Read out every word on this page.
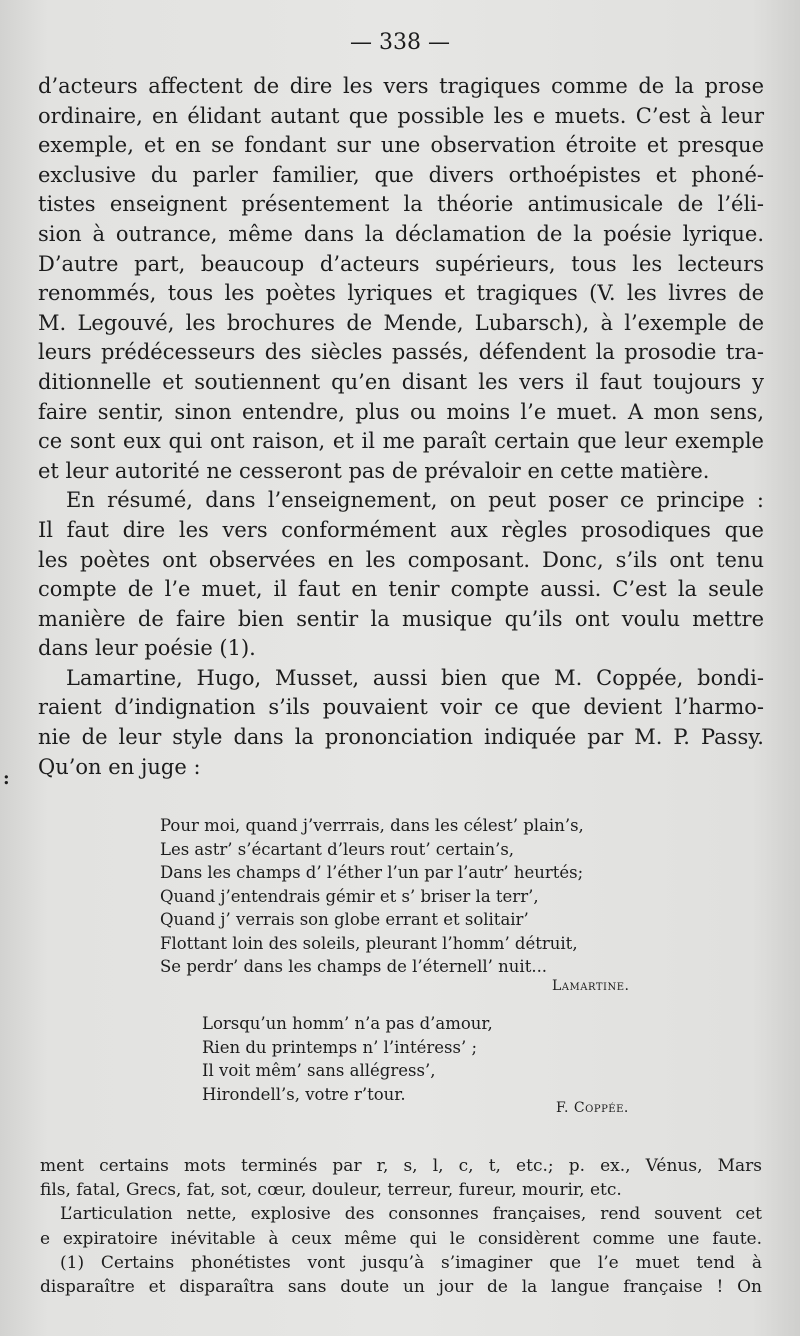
— 338 —

d’acteurs affectent de dire les vers tragiques comme de la prose

ordinaire, en élidant autant que possible les e muets. C’est à leur

exemple, et en se fondant sur une observation étroite et presque

exclusive du parler familier, que divers orthoépistes et phoné-

tistes enseignent présentement la théorie antimusicale de l’éli-

sion à outrance, même dans la déclamation de la poésie lyrique.

D’autre part, beaucoup d’acteurs supérieurs, tous les lecteurs

renommés, tous les poètes lyriques et tragiques (V. les livres de

M. Legouvé, les brochures de Mende, Lubarsch), à l’exemple de

leurs prédécesseurs des siècles passés, défendent la prosodie tra-

ditionnelle et soutiennent qu’en disant les vers il faut toujours y

faire sentir, sinon entendre, plus ou moins l’e muet. A mon sens,

ce sont eux qui ont raison, et il me paraît certain que leur exemple

et leur autorité ne cesseront pas de prévaloir en cette matière.

En résumé, dans l’enseignement, on peut poser ce principe :

Il faut dire les vers conformément aux règles prosodiques que

les poètes ont observées en les composant. Donc, s’ils ont tenu

compte de l’e muet, il faut en tenir compte aussi. C’est la seule

manière de faire bien sentir la musique qu’ils ont voulu mettre

dans leur poésie (1).

Lamartine, Hugo, Musset, aussi bien que M. Coppée, bondi-

raient d’indignation s’ils pouvaient voir ce que devient l’harmo-

nie de leur style dans la prononciation indiquée par M. P. Passy.

Qu’on en juge :

:
Pour moi, quand j’verrrais, dans les célest’ plain’s,
Les astr’ s’écartant d’leurs rout’ certain’s,
Dans les champs d’ l’éther l’un par l’autr’ heurtés;
Quand j’entendrais gémir et s’ briser la terr’,
Quand j’ verrais son globe errant et solitair’
Flottant loin des soleils, pleurant l’homm’ détruit,
Se perdr’ dans les champs de l’éternell’ nuit...
Lamartine.
Lorsqu’un homm’ n’a pas d’amour,
Rien du printemps n’ l’intéress’ ;
Il voit mêm’ sans allégress’,
Hirondell’s, votre r’tour.
F. Coppée.

ment certains mots terminés par r, s, l, c, t, etc.; p. ex., Vénus, Mars

fils, fatal, Grecs, fat, sot, cœur, douleur, terreur, fureur, mourir, etc.

L’articulation nette, explosive des consonnes françaises, rend souvent cet

e expiratoire inévitable à ceux même qui le considèrent comme une faute.

(1) Certains phonétistes vont jusqu’à s’imaginer que l’e muet tend à

disparaître et disparaîtra sans doute un jour de la langue française ! On
